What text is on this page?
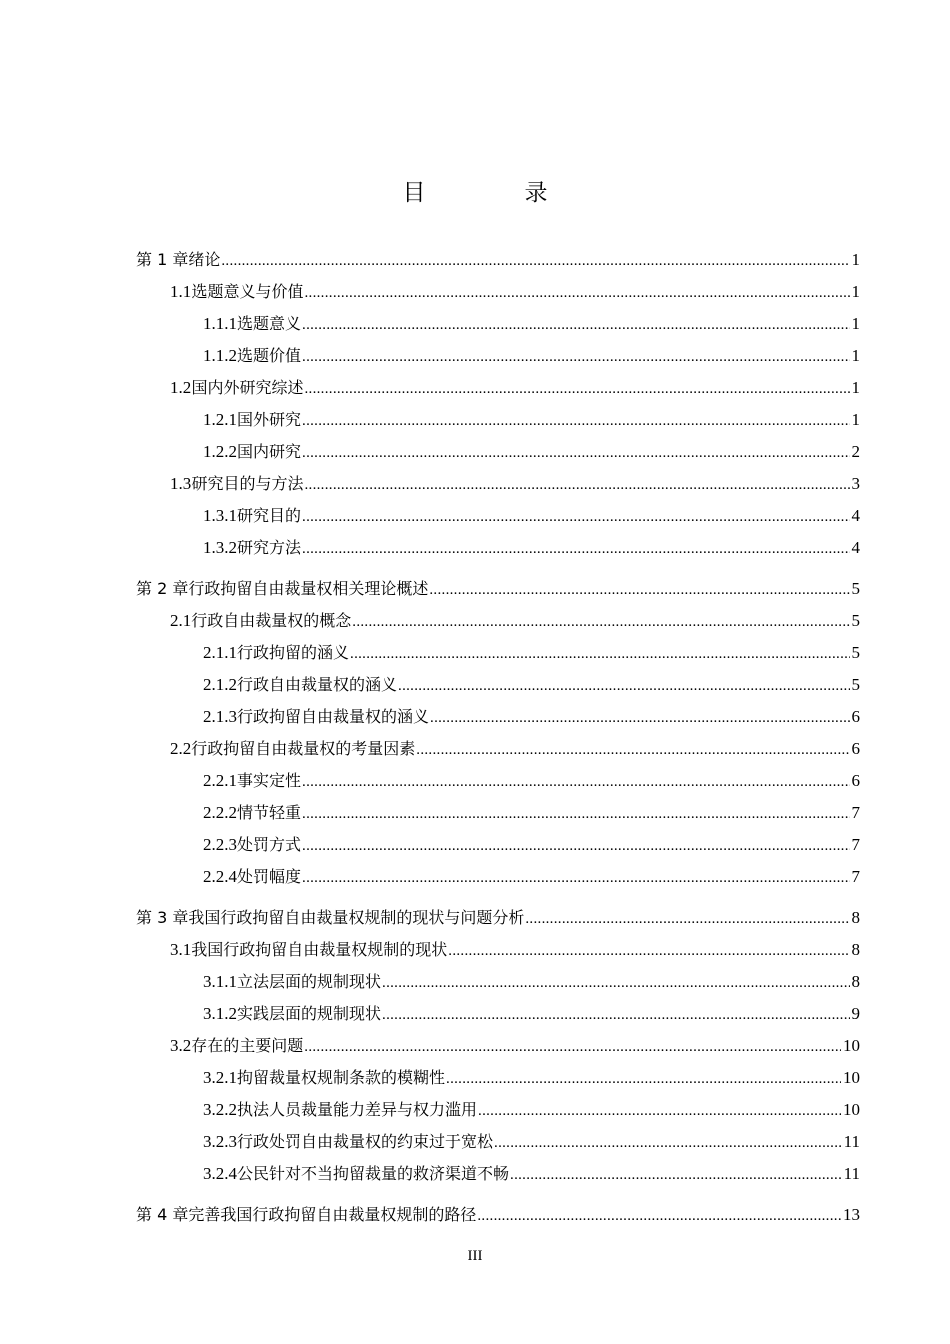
目　录
第 1 章 绪论 .....	1
1.1 选题意义与价值 .....	1
1.1.1 选题意义 .....	1
1.1.2 选题价值 .....	1
1.2 国内外研究综述 .....	1
1.2.1 国外研究 .....	1
1.2.2 国内研究 .....	2
1.3 研究目的与方法 .....	3
1.3.1 研究目的 .....	4
1.3.2 研究方法 .....	4
第 2 章 行政拘留自由裁量权相关理论概述 .....	5
2.1 行政自由裁量权的概念 .....	5
2.1.1 行政拘留的涵义 .....	5
2.1.2 行政自由裁量权的涵义 .....	5
2.1.3 行政拘留自由裁量权的涵义 .....	6
2.2 行政拘留自由裁量权的考量因素 .....	6
2.2.1 事实定性 .....	6
2.2.2 情节轻重 .....	7
2.2.3 处罚方式 .....	7
2.2.4 处罚幅度 .....	7
第 3 章 我国行政拘留自由裁量权规制的现状与问题分析 .....	8
3.1 我国行政拘留自由裁量权规制的现状 .....	8
3.1.1 立法层面的规制现状 .....	8
3.1.2 实践层面的规制现状 .....	9
3.2 存在的主要问题 .....	10
3.2.1 拘留裁量权规制条款的模糊性 .....	10
3.2.2 执法人员裁量能力差异与权力滥用 .....	10
3.2.3 行政处罚自由裁量权的约束过于宽松 .....	11
3.2.4 公民针对不当拘留裁量的救济渠道不畅 .....	11
第 4 章 完善我国行政拘留自由裁量权规制的路径 .....	13
III
